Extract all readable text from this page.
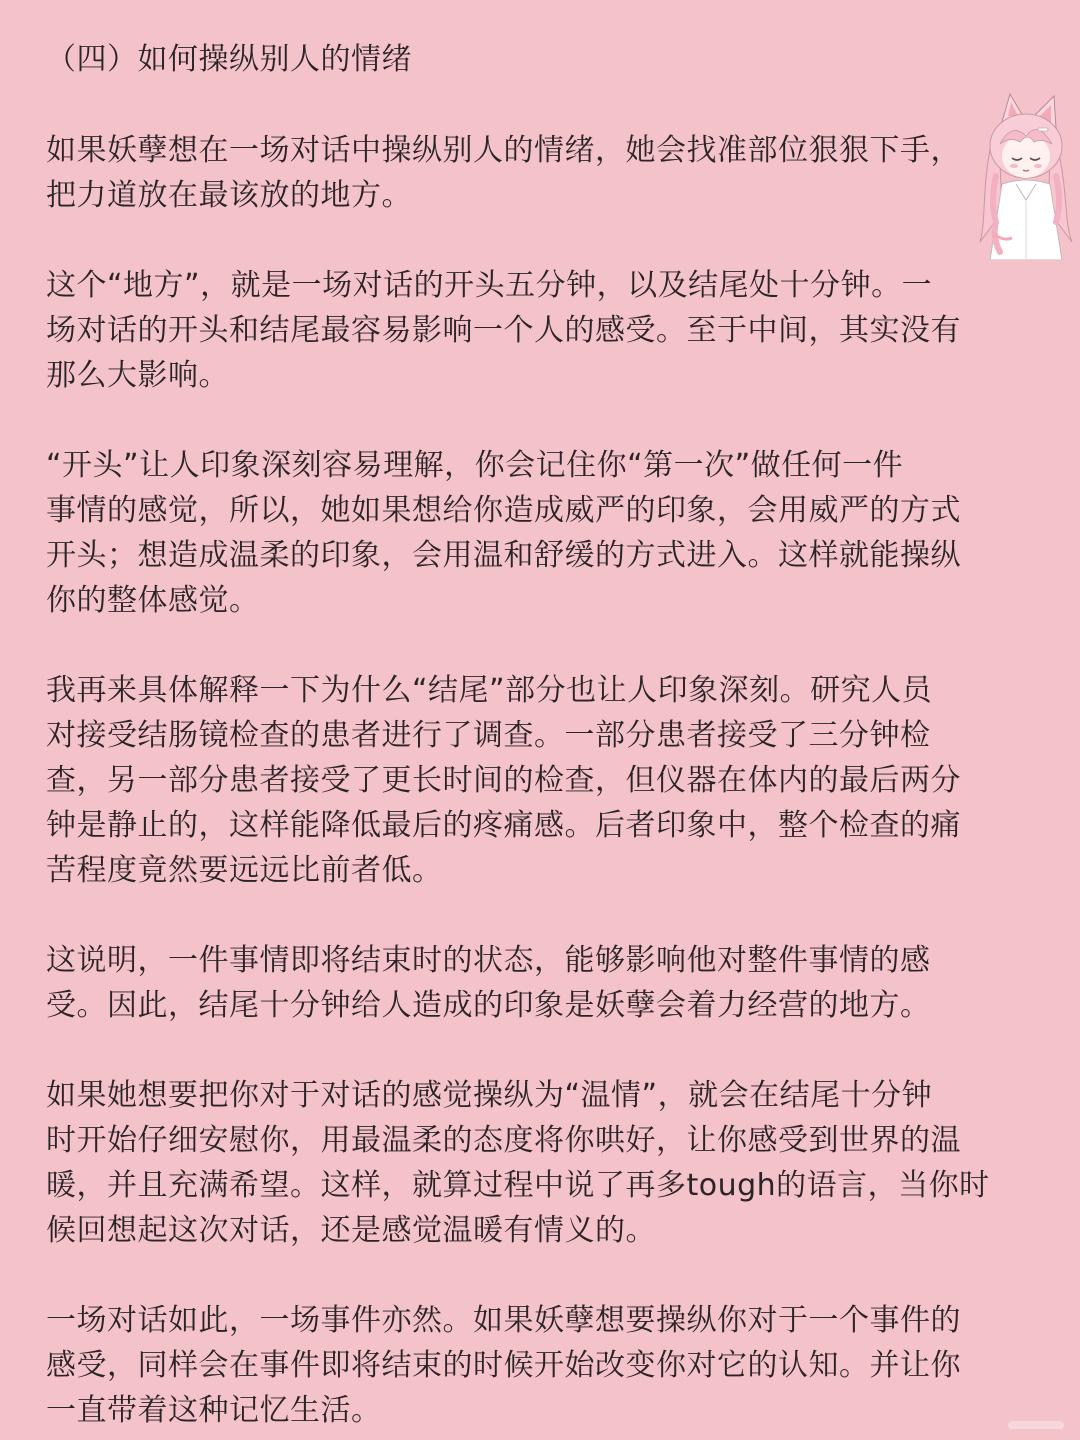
（四）如何操纵别人的情绪

如果妖孽想在一场对话中操纵别人的情绪，她会找准部位狠狠下手，
把力道放在最该放的地方。

这个“地方”，就是一场对话的开头五分钟，以及结尾处十分钟。一
场对话的开头和结尾最容易影响一个人的感受。至于中间，其实没有
那么大影响。

“开头”让人印象深刻容易理解，你会记住你“第一次”做任何一件
事情的感觉，所以，她如果想给你造成威严的印象，会用威严的方式
开头；想造成温柔的印象，会用温和舒缓的方式进入。这样就能操纵
你的整体感觉。

我再来具体解释一下为什么“结尾”部分也让人印象深刻。研究人员
对接受结肠镜检查的患者进行了调查。一部分患者接受了三分钟检
查，另一部分患者接受了更长时间的检查，但仪器在体内的最后两分
钟是静止的，这样能降低最后的疼痛感。后者印象中，整个检查的痛
苦程度竟然要远远比前者低。

这说明，一件事情即将结束时的状态，能够影响他对整件事情的感
受。因此，结尾十分钟给人造成的印象是妖孽会着力经营的地方。

如果她想要把你对于对话的感觉操纵为“温情”，就会在结尾十分钟
时开始仔细安慰你，用最温柔的态度将你哄好，让你感受到世界的温
暖，并且充满希望。这样，就算过程中说了再多tough的语言，当你时
候回想起这次对话，还是感觉温暖有情义的。

一场对话如此，一场事件亦然。如果妖孽想要操纵你对于一个事件的
感受，同样会在事件即将结束的时候开始改变你对它的认知。并让你
一直带着这种记忆生活。
